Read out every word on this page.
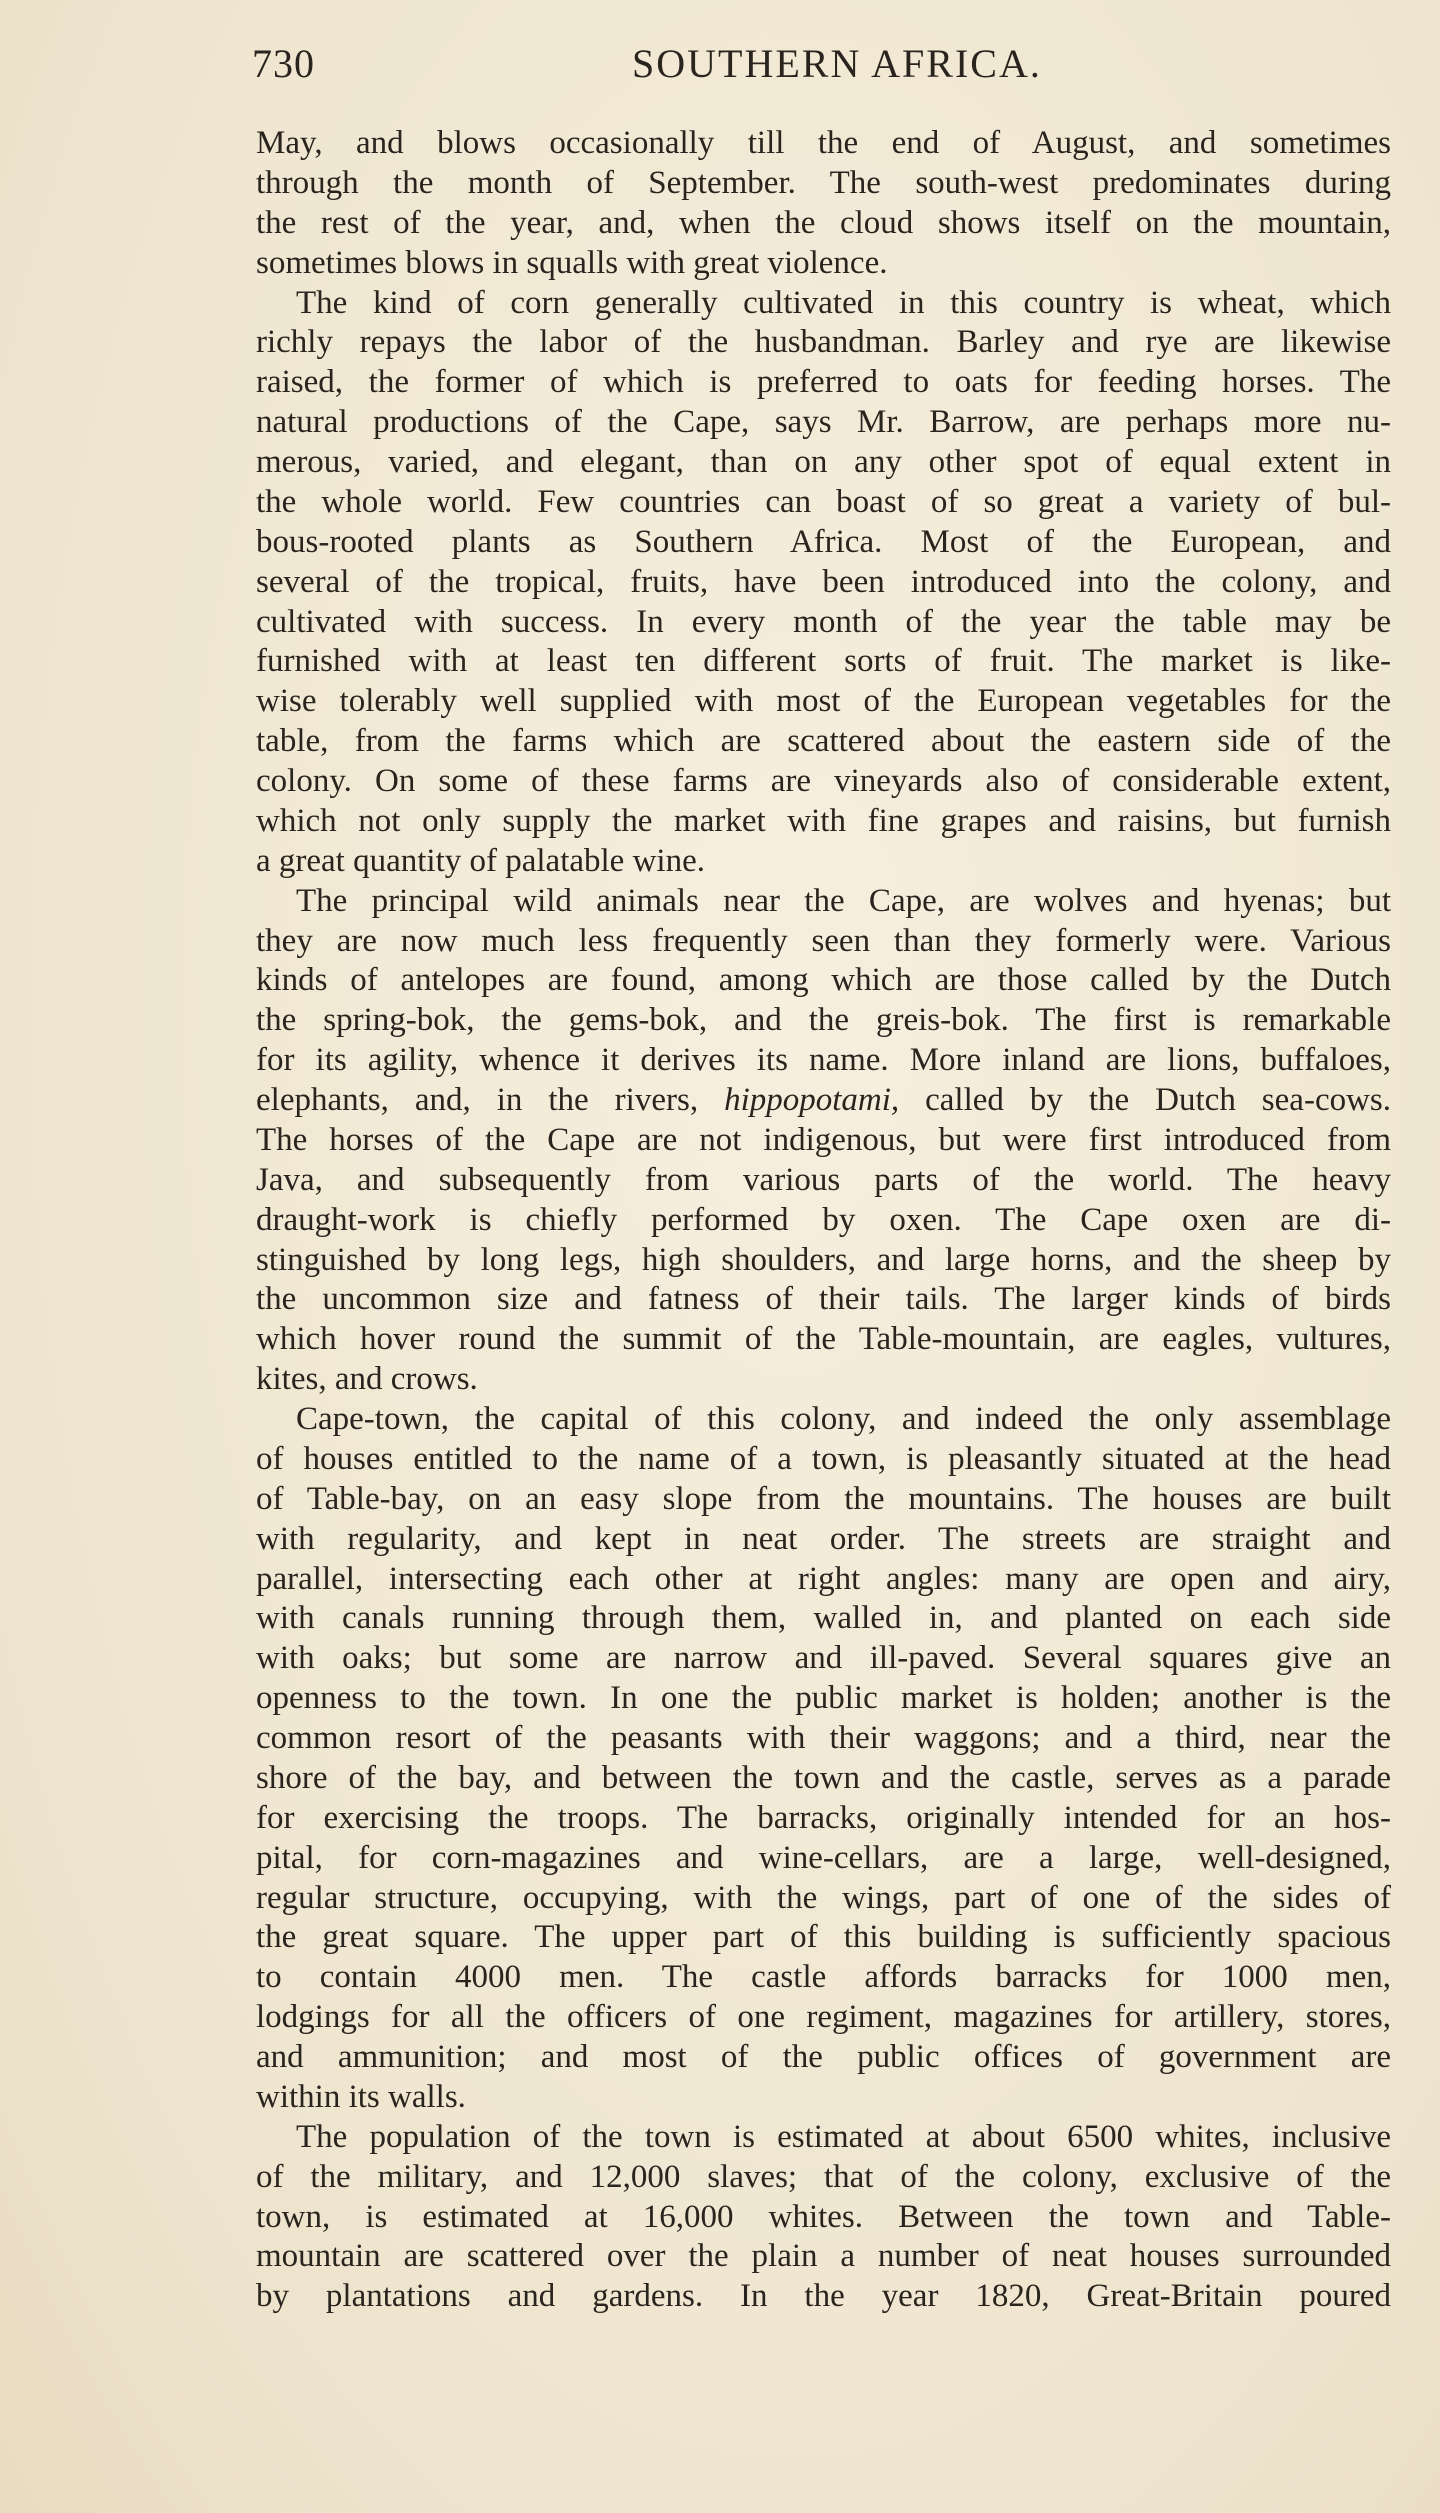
730	SOUTHERN AFRICA.
May, and blows occasionally till the end of August, and sometimes
through the month of September. The south-west predominates during
the rest of the year, and, when the cloud shows itself on the mountain,
sometimes blows in squalls with great violence.
The kind of corn generally cultivated in this country is wheat, which
richly repays the labor of the husbandman. Barley and rye are likewise
raised, the former of which is preferred to oats for feeding horses. The
natural productions of the Cape, says Mr. Barrow, are perhaps more nu-
merous, varied, and elegant, than on any other spot of equal extent in
the whole world. Few countries can boast of so great a variety of bul-
bous-rooted plants as Southern Africa. Most of the European, and
several of the tropical, fruits, have been introduced into the colony, and
cultivated with success. In every month of the year the table may be
furnished with at least ten different sorts of fruit. The market is like-
wise tolerably well supplied with most of the European vegetables for the
table, from the farms which are scattered about the eastern side of the
colony. On some of these farms are vineyards also of considerable extent,
which not only supply the market with fine grapes and raisins, but furnish
a great quantity of palatable wine.
The principal wild animals near the Cape, are wolves and hyenas; but
they are now much less frequently seen than they formerly were. Various
kinds of antelopes are found, among which are those called by the Dutch
the spring-bok, the gems-bok, and the greis-bok. The first is remarkable
for its agility, whence it derives its name. More inland are lions, buffaloes,
elephants, and, in the rivers, hippopotami, called by the Dutch sea-cows.
The horses of the Cape are not indigenous, but were first introduced from
Java, and subsequently from various parts of the world. The heavy
draught-work is chiefly performed by oxen. The Cape oxen are di-
stinguished by long legs, high shoulders, and large horns, and the sheep by
the uncommon size and fatness of their tails. The larger kinds of birds
which hover round the summit of the Table-mountain, are eagles, vultures,
kites, and crows.
Cape-town, the capital of this colony, and indeed the only assemblage
of houses entitled to the name of a town, is pleasantly situated at the head
of Table-bay, on an easy slope from the mountains. The houses are built
with regularity, and kept in neat order. The streets are straight and
parallel, intersecting each other at right angles: many are open and airy,
with canals running through them, walled in, and planted on each side
with oaks; but some are narrow and ill-paved. Several squares give an
openness to the town. In one the public market is holden; another is the
common resort of the peasants with their waggons; and a third, near the
shore of the bay, and between the town and the castle, serves as a parade
for exercising the troops. The barracks, originally intended for an hos-
pital, for corn-magazines and wine-cellars, are a large, well-designed,
regular structure, occupying, with the wings, part of one of the sides of
the great square. The upper part of this building is sufficiently spacious
to contain 4000 men. The castle affords barracks for 1000 men,
lodgings for all the officers of one regiment, magazines for artillery, stores,
and ammunition; and most of the public offices of government are
within its walls.
The population of the town is estimated at about 6500 whites, inclusive
of the military, and 12,000 slaves; that of the colony, exclusive of the
town, is estimated at 16,000 whites. Between the town and Table-
mountain are scattered over the plain a number of neat houses surrounded
by plantations and gardens. In the year 1820, Great-Britain poured
